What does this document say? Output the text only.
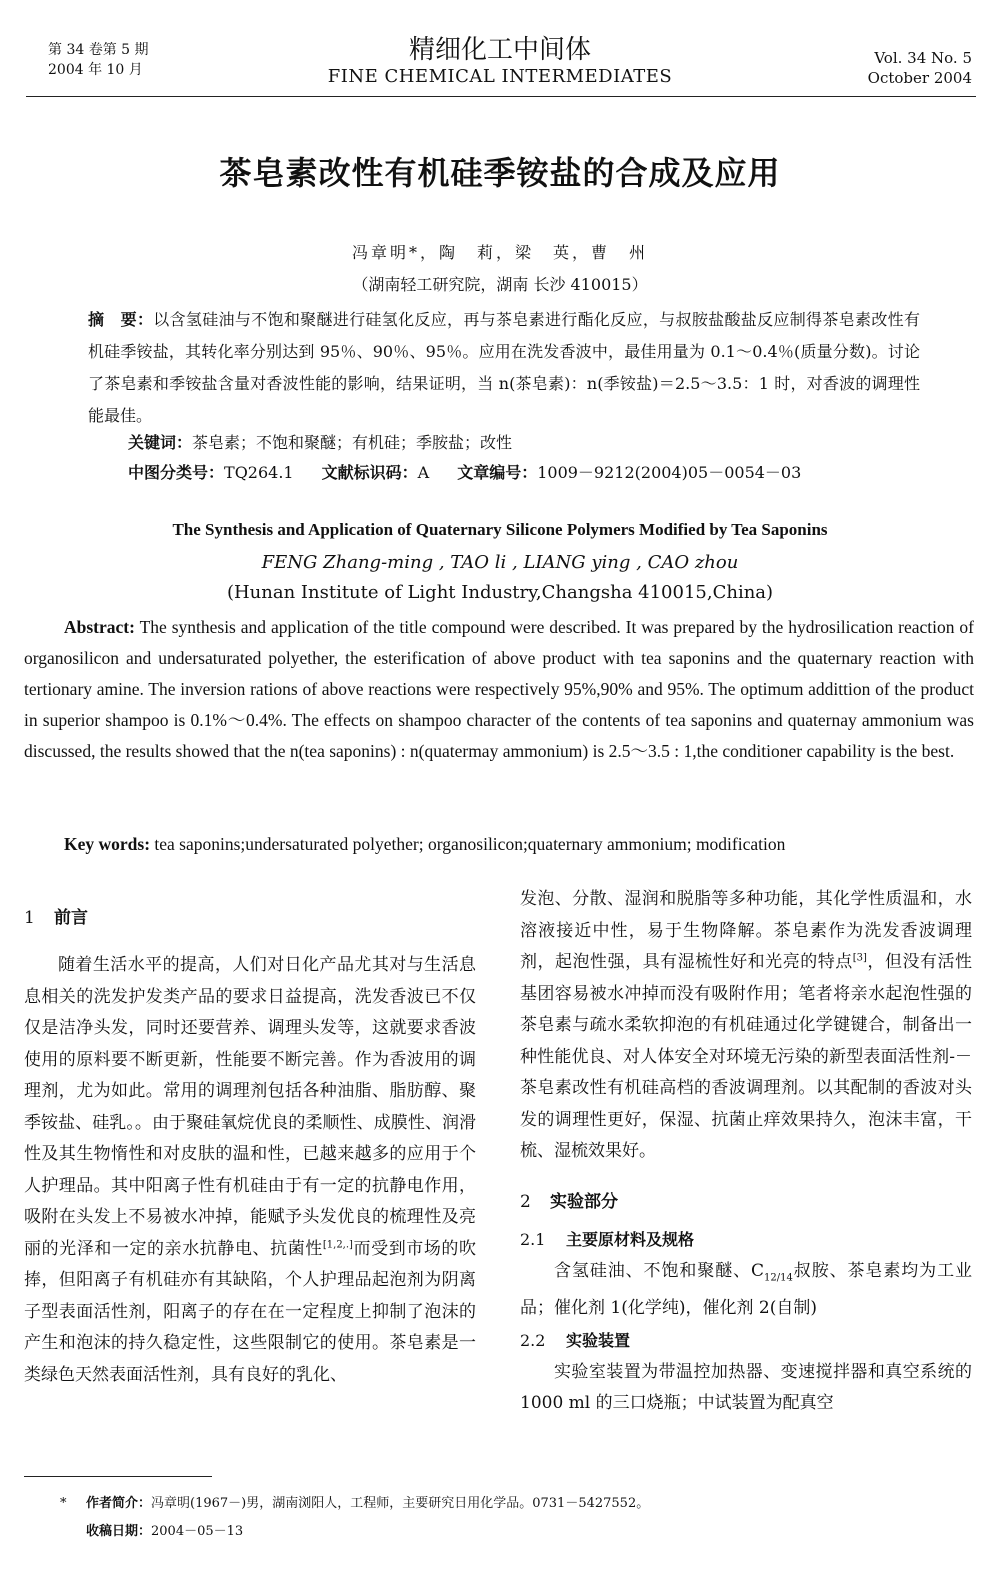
第 34 卷第 5 期
2004 年 10 月
精细化工中间体
FINE CHEMICAL INTERMEDIATES
Vol. 34 No. 5
October 2004
茶皂素改性有机硅季铵盐的合成及应用
冯章明*，陶　莉，梁　英，曹　州
（湖南轻工研究院，湖南 长沙 410015）
摘　要：以含氢硅油与不饱和聚醚进行硅氢化反应，再与茶皂素进行酯化反应，与叔胺盐酸盐反应制得茶皂素改性有机硅季铵盐，其转化率分别达到 95％、90％、95％。应用在洗发香波中，最佳用量为 0.1～0.4％(质量分数)。讨论了茶皂素和季铵盐含量对香波性能的影响，结果证明，当 n(茶皂素)：n(季铵盐)＝2.5～3.5：1 时，对香波的调理性能最佳。
关键词：茶皂素；不饱和聚醚；有机硅；季胺盐；改性
中图分类号：TQ264.1 文献标识码：A 文章编号：1009－9212(2004)05－0054－03
The Synthesis and Application of Quaternary Silicone Polymers Modified by Tea Saponins
FENG Zhang-ming , TAO li , LIANG ying , CAO zhou
(Hunan Institute of Light Industry,Changsha 410015,China)
Abstract: The synthesis and application of the title compound were described. It was prepared by the hydrosilication reaction of organosilicon and undersaturated polyether, the esterification of above product with tea saponins and the quaternary reaction with tertionary amine. The inversion rations of above reactions were respectively 95%,90% and 95%. The optimum addittion of the product in superior shampoo is 0.1%～0.4%. The effects on shampoo character of the contents of tea saponins and quaternay ammonium was discussed, the results showed that the n(tea saponins) : n(quatermay ammonium) is 2.5～3.5 : 1,the conditioner capability is the best.
Key words: tea saponins;undersaturated polyether; organosilicon;quaternary ammonium; modification
1 前言

随着生活水平的提高，人们对日化产品尤其对与生活息息相关的洗发护发类产品的要求日益提高，洗发香波已不仅仅是洁净头发，同时还要营养、调理头发等，这就要求香波使用的原料要不断更新，性能要不断完善。作为香波用的调理剂，尤为如此。常用的调理剂包括各种油脂、脂肪醇、聚季铵盐、硅乳。。由于聚硅氧烷优良的柔顺性、成膜性、润滑性及其生物惰性和对皮肤的温和性，已越来越多的应用于个人护理品。其中阳离子性有机硅由于有一定的抗静电作用，吸附在头发上不易被水冲掉，能赋予头发优良的梳理性及亮丽的光泽和一定的亲水抗静电、抗菌性[1,2,.]而受到市场的吹捧，但阳离子有机硅亦有其缺陷，个人护理品起泡剂为阴离子型表面活性剂，阳离子的存在在一定程度上抑制了泡沫的产生和泡沫的持久稳定性，这些限制它的使用。茶皂素是一类绿色天然表面活性剂，具有良好的乳化、

发泡、分散、湿润和脱脂等多种功能，其化学性质温和，水溶液接近中性，易于生物降解。茶皂素作为洗发香波调理剂，起泡性强，具有湿梳性好和光亮的特点[3]，但没有活性基团容易被水冲掉而没有吸附作用；笔者将亲水起泡性强的茶皂素与疏水柔软抑泡的有机硅通过化学键键合，制备出一种性能优良、对人体安全对环境无污染的新型表面活性剂-－茶皂素改性有机硅高档的香波调理剂。以其配制的香波对头发的调理性更好，保湿、抗菌止痒效果持久，泡沫丰富，干梳、湿梳效果好。

2 实验部分
2.1 主要原材料及规格

含氢硅油、不饱和聚醚、$C_{12/14}$叔胺、茶皂素均为工业品；催化剂 1(化学纯)，催化剂 2(自制)

2.2 实验装置

实验室装置为带温控加热器、变速搅拌器和真空系统的 1000 ml 的三口烧瓶；中试装置为配真空

* 作者简介：冯章明(1967－)男，湖南浏阳人，工程师，主要研究日用化学品。0731－5427552。
收稿日期：2004－05－13
